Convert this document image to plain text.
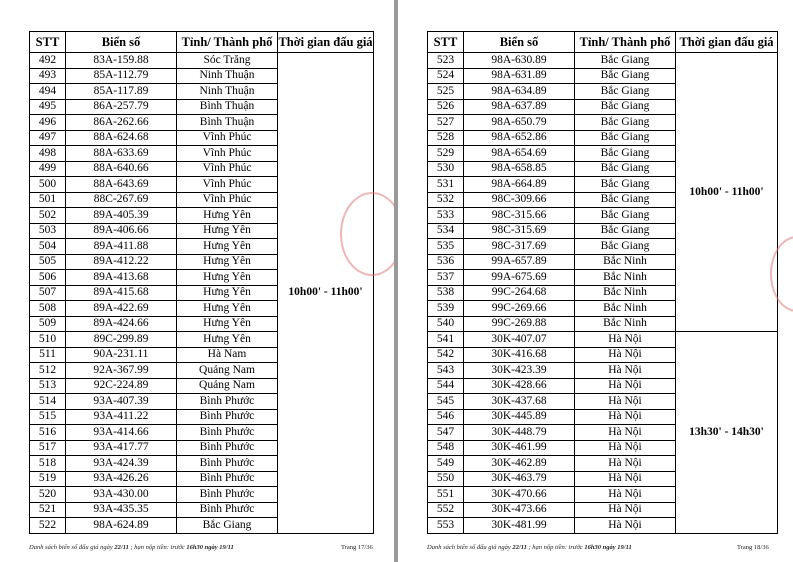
STT	Biển số	Tỉnh/ Thành phố	Thời gian đấu giá
492	83A-159.88	Sóc Trăng	10h00' - 11h00'
493	85A-112.79	Ninh Thuận	
494	85A-117.89	Ninh Thuận	
495	86A-257.79	Bình Thuận	
496	86A-262.66	Bình Thuận	
497	88A-624.68	Vĩnh Phúc	
498	88A-633.69	Vĩnh Phúc	
499	88A-640.66	Vĩnh Phúc	
500	88A-643.69	Vĩnh Phúc	
501	88C-267.69	Vĩnh Phúc	
502	89A-405.39	Hưng Yên	
503	89A-406.66	Hưng Yên	
504	89A-411.88	Hưng Yên	
505	89A-412.22	Hưng Yên	
506	89A-413.68	Hưng Yên	
507	89A-415.68	Hưng Yên	
508	89A-422.69	Hưng Yên	
509	89A-424.66	Hưng Yên	
510	89C-299.89	Hưng Yên	
511	90A-231.11	Hà Nam	
512	92A-367.99	Quảng Nam	
513	92C-224.89	Quảng Nam	
514	93A-407.39	Bình Phước	
515	93A-411.22	Bình Phước	
516	93A-414.66	Bình Phước	
517	93A-417.77	Bình Phước	
518	93A-424.39	Bình Phước	
519	93A-426.26	Bình Phước	
520	93A-430.00	Bình Phước	
521	93A-435.35	Bình Phước	
522	98A-624.89	Bắc Giang	
Danh sách biển số đấu giá ngày 22/11 ; hạn nộp tiền: trước 16h30 ngày 19/11	Trang 17/36
STT	Biển số	Tỉnh/ Thành phố	Thời gian đấu giá
523	98A-630.89	Bắc Giang	10h00' - 11h00'
524	98A-631.89	Bắc Giang	
525	98A-634.89	Bắc Giang	
526	98A-637.89	Bắc Giang	
527	98A-650.79	Bắc Giang	
528	98A-652.86	Bắc Giang	
529	98A-654.69	Bắc Giang	
530	98A-658.85	Bắc Giang	
531	98A-664.89	Bắc Giang	
532	98C-309.66	Bắc Giang	
533	98C-315.66	Bắc Giang	
534	98C-315.69	Bắc Giang	
535	98C-317.69	Bắc Giang	
536	99A-657.89	Bắc Ninh	
537	99A-675.69	Bắc Ninh	
538	99C-264.68	Bắc Ninh	
539	99C-269.66	Bắc Ninh	
540	99C-269.88	Bắc Ninh	
541	30K-407.07	Hà Nội	13h30' - 14h30'
542	30K-416.68	Hà Nội	
543	30K-423.39	Hà Nội	
544	30K-428.66	Hà Nội	
545	30K-437.68	Hà Nội	
546	30K-445.89	Hà Nội	
547	30K-448.79	Hà Nội	
548	30K-461.99	Hà Nội	
549	30K-462.89	Hà Nội	
550	30K-463.79	Hà Nội	
551	30K-470.66	Hà Nội	
552	30K-473.66	Hà Nội	
553	30K-481.99	Hà Nội	
Danh sách biển số đấu giá ngày 22/11 ; hạn nộp tiền: trước 16h30 ngày 19/11	Trang 18/36
